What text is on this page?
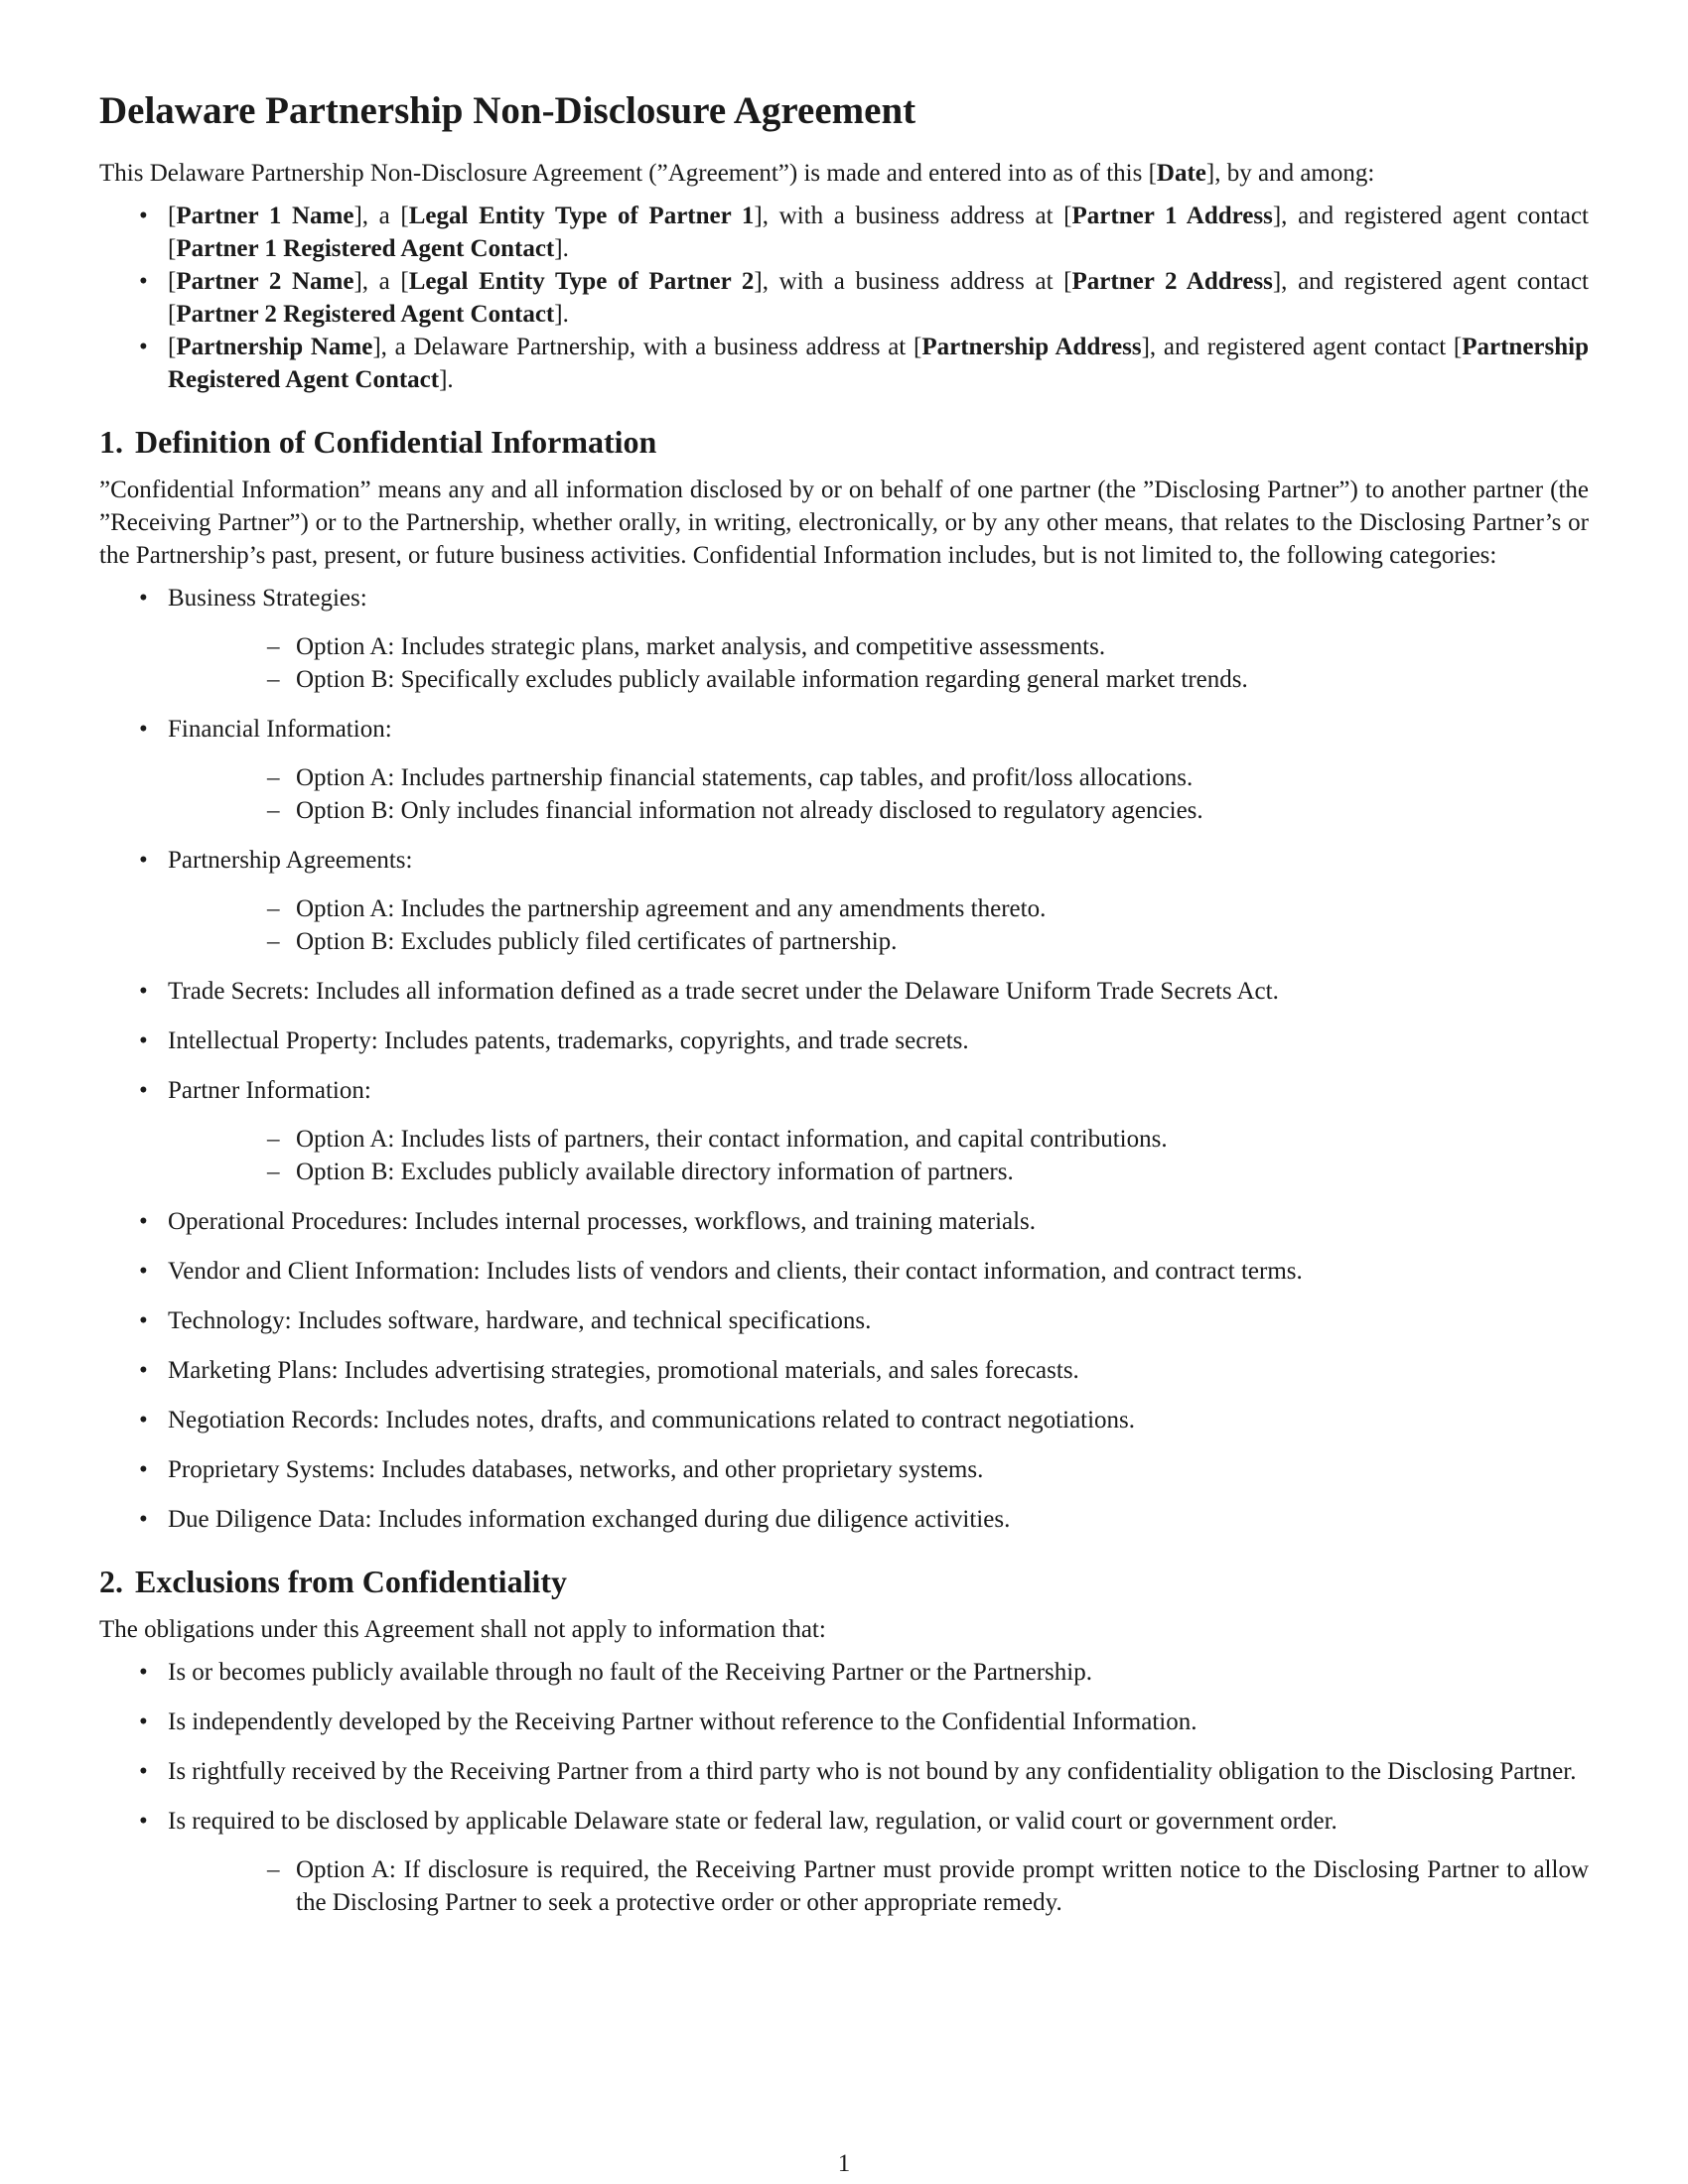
Delaware Partnership Non-Disclosure Agreement

This Delaware Partnership Non-Disclosure Agreement (”Agreement”) is made and entered into as of this [Date], by and among:

• [Partner 1 Name], a [Legal Entity Type of Partner 1], with a business address at [Partner 1 Address], and registered agent contact [Partner 1 Registered Agent Contact].
• [Partner 2 Name], a [Legal Entity Type of Partner 2], with a business address at [Partner 2 Address], and registered agent contact [Partner 2 Registered Agent Contact].
• [Partnership Name], a Delaware Partnership, with a business address at [Partnership Address], and registered agent contact [Partnership Registered Agent Contact].
1. Definition of Confidential Information

”Confidential Information” means any and all information disclosed by or on behalf of one partner (the ”Disclosing Partner”) to another partner (the ”Receiving Partner”) or to the Partnership, whether orally, in writing, electronically, or by any other means, that relates to the Disclosing Partner’s or the Partnership’s past, present, or future business activities. Confidential Information includes, but is not limited to, the following categories:

• Business Strategies:
– Option A: Includes strategic plans, market analysis, and competitive assessments.
– Option B: Specifically excludes publicly available information regarding general market trends.
• Financial Information:
– Option A: Includes partnership financial statements, cap tables, and profit/loss allocations.
– Option B: Only includes financial information not already disclosed to regulatory agencies.
• Partnership Agreements:
– Option A: Includes the partnership agreement and any amendments thereto.
– Option B: Excludes publicly filed certificates of partnership.
• Trade Secrets: Includes all information defined as a trade secret under the Delaware Uniform Trade Secrets Act.
• Intellectual Property: Includes patents, trademarks, copyrights, and trade secrets.
• Partner Information:
– Option A: Includes lists of partners, their contact information, and capital contributions.
– Option B: Excludes publicly available directory information of partners.
• Operational Procedures: Includes internal processes, workflows, and training materials.
• Vendor and Client Information: Includes lists of vendors and clients, their contact information, and contract terms.
• Technology: Includes software, hardware, and technical specifications.
• Marketing Plans: Includes advertising strategies, promotional materials, and sales forecasts.
• Negotiation Records: Includes notes, drafts, and communications related to contract negotiations.
• Proprietary Systems: Includes databases, networks, and other proprietary systems.
• Due Diligence Data: Includes information exchanged during due diligence activities.
2. Exclusions from Confidentiality

The obligations under this Agreement shall not apply to information that:

• Is or becomes publicly available through no fault of the Receiving Partner or the Partnership.
• Is independently developed by the Receiving Partner without reference to the Confidential Information.
• Is rightfully received by the Receiving Partner from a third party who is not bound by any confidentiality obligation to the Disclosing Partner.
• Is required to be disclosed by applicable Delaware state or federal law, regulation, or valid court or government order.
– Option A: If disclosure is required, the Receiving Partner must provide prompt written notice to the Disclosing Partner to allow the Disclosing Partner to seek a protective order or other appropriate remedy.
1
